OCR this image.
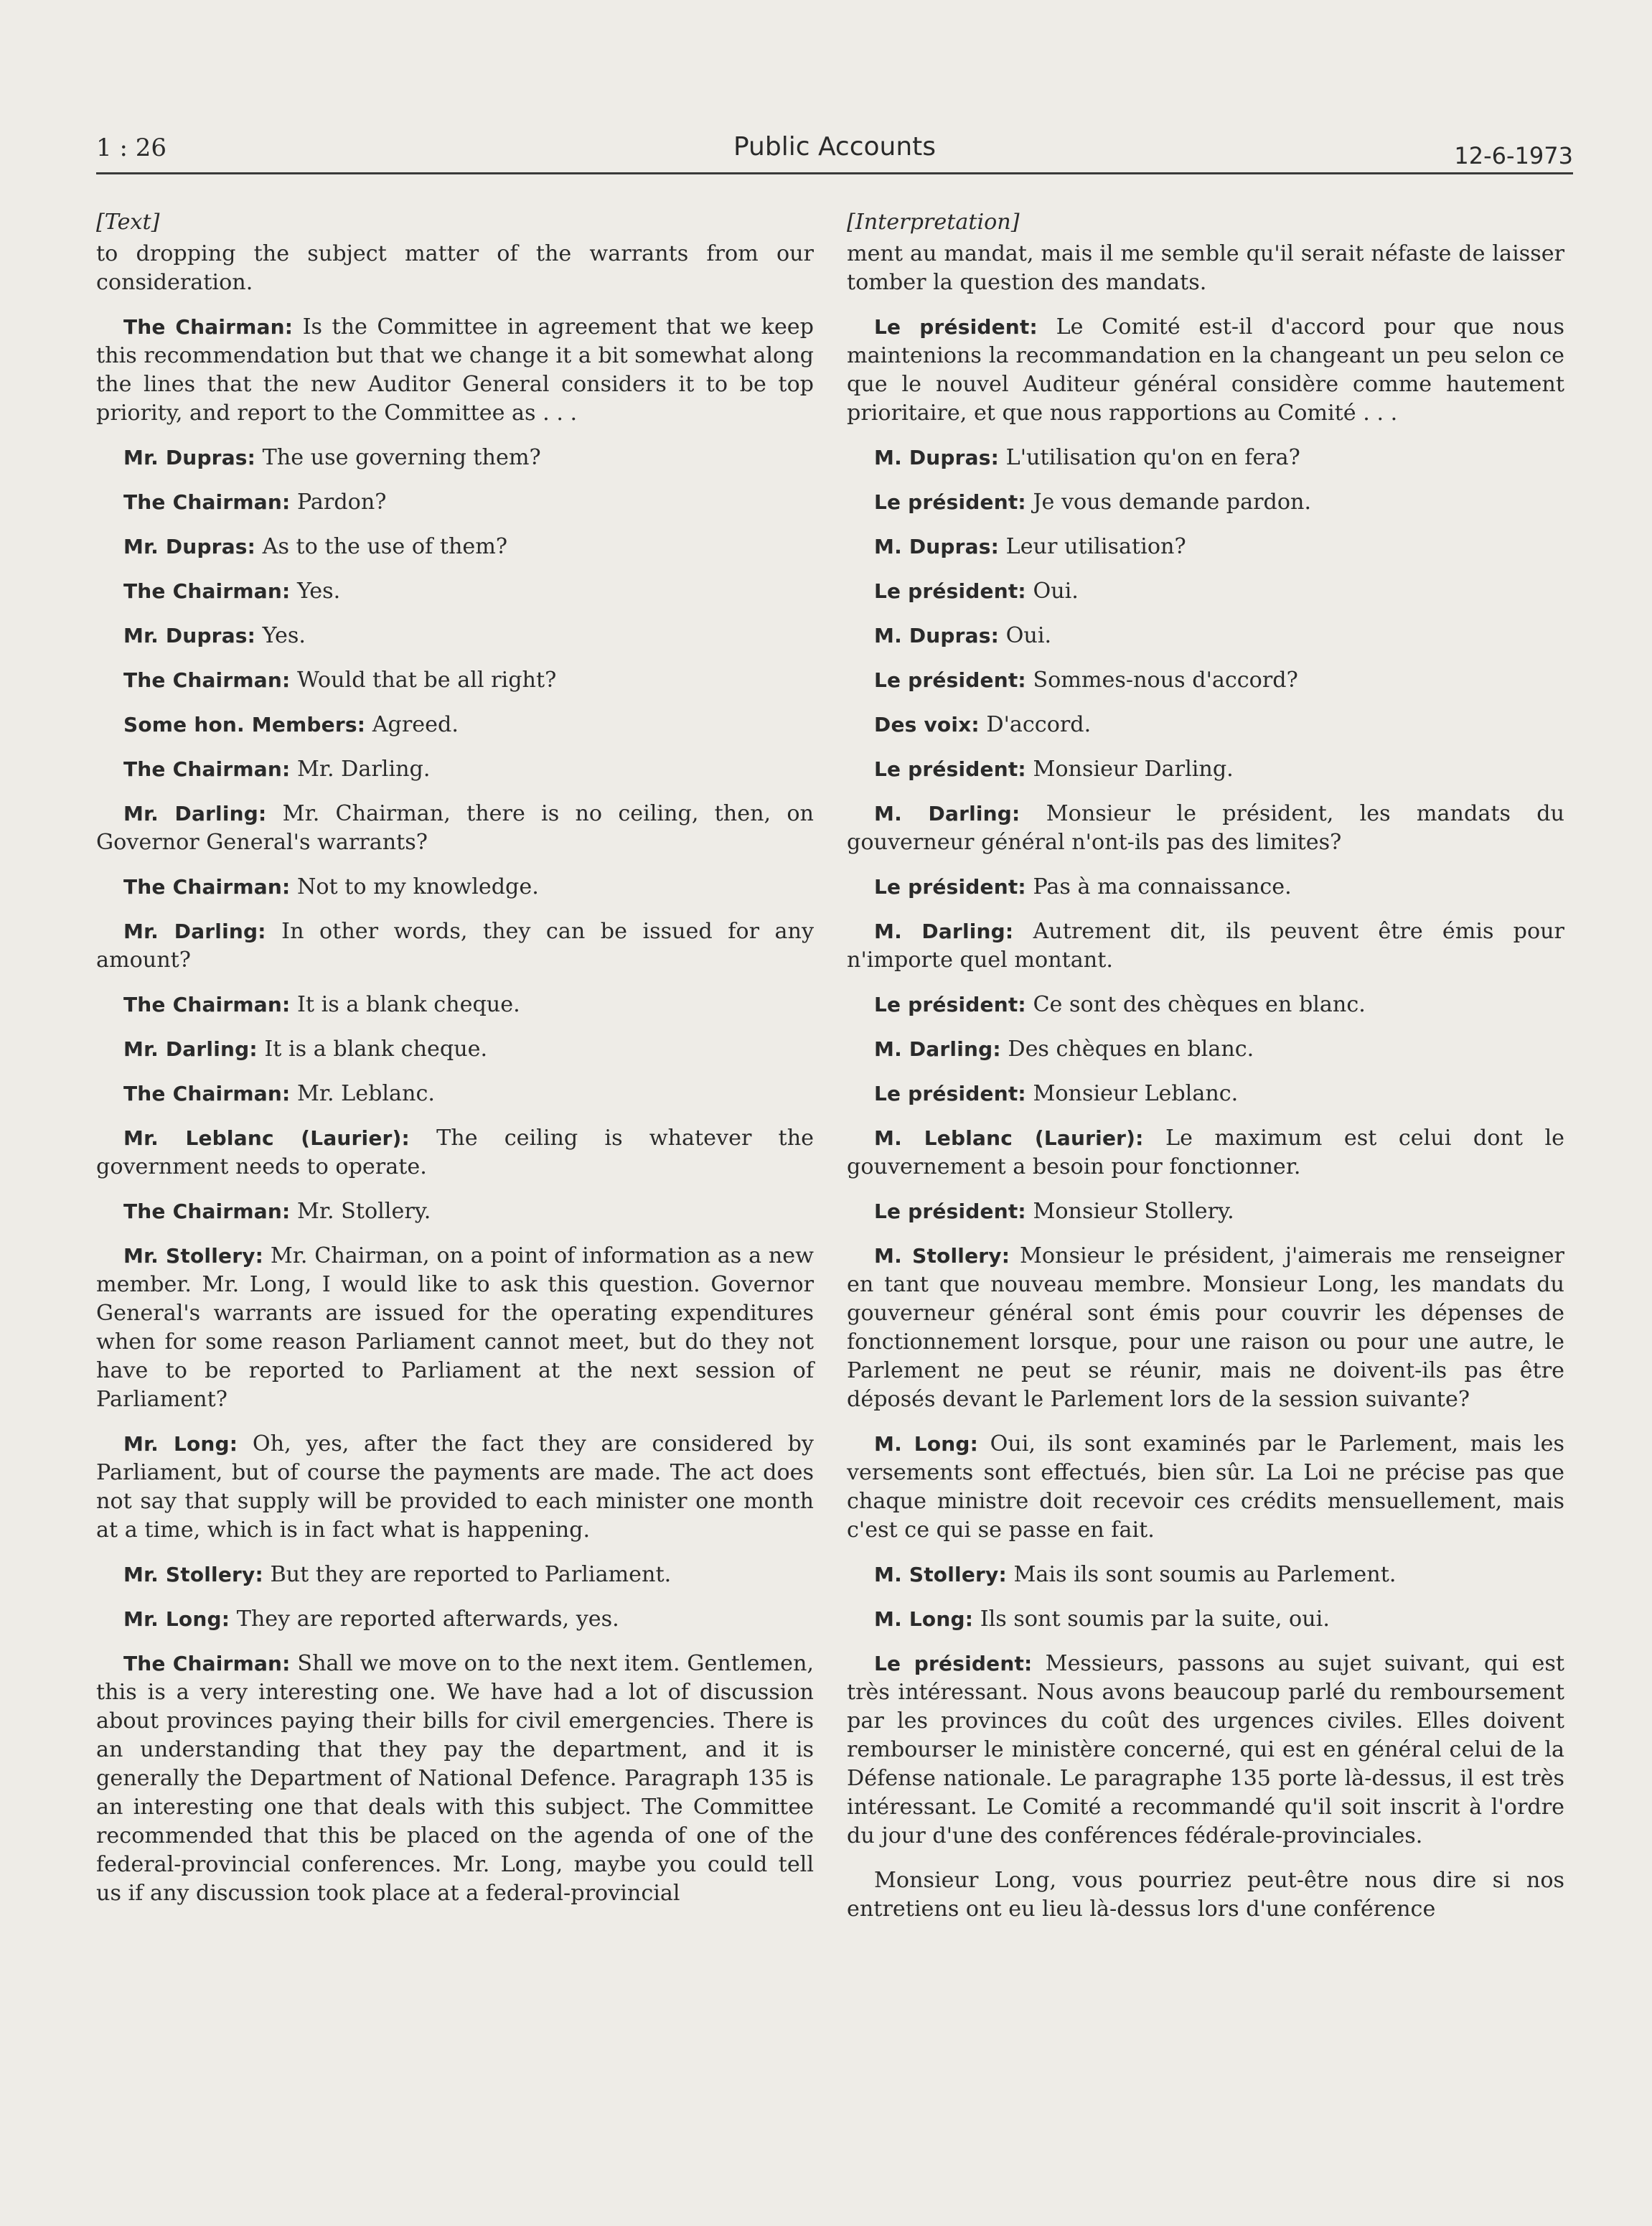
1 : 26	Public Accounts	12-6-1973
[Text]

to dropping the subject matter of the warrants from our consideration.

The Chairman: Is the Committee in agreement that we keep this recommendation but that we change it a bit somewhat along the lines that the new Auditor General considers it to be top priority, and report to the Committee as . . .

Mr. Dupras: The use governing them?

The Chairman: Pardon?

Mr. Dupras: As to the use of them?

The Chairman: Yes.

Mr. Dupras: Yes.

The Chairman: Would that be all right?

Some hon. Members: Agreed.

The Chairman: Mr. Darling.

Mr. Darling: Mr. Chairman, there is no ceiling, then, on Governor General's warrants?

The Chairman: Not to my knowledge.

Mr. Darling: In other words, they can be issued for any amount?

The Chairman: It is a blank cheque.

Mr. Darling: It is a blank cheque.

The Chairman: Mr. Leblanc.

Mr. Leblanc (Laurier): The ceiling is whatever the government needs to operate.

The Chairman: Mr. Stollery.

Mr. Stollery: Mr. Chairman, on a point of information as a new member. Mr. Long, I would like to ask this question. Governor General's warrants are issued for the operating expenditures when for some reason Parliament cannot meet, but do they not have to be reported to Parliament at the next session of Parliament?

Mr. Long: Oh, yes, after the fact they are considered by Parliament, but of course the payments are made. The act does not say that supply will be provided to each minister one month at a time, which is in fact what is happening.

Mr. Stollery: But they are reported to Parliament.

Mr. Long: They are reported afterwards, yes.

The Chairman: Shall we move on to the next item. Gentlemen, this is a very interesting one. We have had a lot of discussion about provinces paying their bills for civil emergencies. There is an understanding that they pay the department, and it is generally the Department of National Defence. Paragraph 135 is an interesting one that deals with this subject. The Committee recommended that this be placed on the agenda of one of the federal-provincial conferences. Mr. Long, maybe you could tell us if any discussion took place at a federal-provincial

[Interpretation]

ment au mandat, mais il me semble qu'il serait néfaste de laisser tomber la question des mandats.

Le président: Le Comité est-il d'accord pour que nous maintenions la recommandation en la changeant un peu selon ce que le nouvel Auditeur général considère comme hautement prioritaire, et que nous rapportions au Comité . . .

M. Dupras: L'utilisation qu'on en fera?

Le président: Je vous demande pardon.

M. Dupras: Leur utilisation?

Le président: Oui.

M. Dupras: Oui.

Le président: Sommes-nous d'accord?

Des voix: D'accord.

Le président: Monsieur Darling.

M. Darling: Monsieur le président, les mandats du gouverneur général n'ont-ils pas des limites?

Le président: Pas à ma connaissance.

M. Darling: Autrement dit, ils peuvent être émis pour n'importe quel montant.

Le président: Ce sont des chèques en blanc.

M. Darling: Des chèques en blanc.

Le président: Monsieur Leblanc.

M. Leblanc (Laurier): Le maximum est celui dont le gouvernement a besoin pour fonctionner.

Le président: Monsieur Stollery.

M. Stollery: Monsieur le président, j'aimerais me renseigner en tant que nouveau membre. Monsieur Long, les mandats du gouverneur général sont émis pour couvrir les dépenses de fonctionnement lorsque, pour une raison ou pour une autre, le Parlement ne peut se réunir, mais ne doivent-ils pas être déposés devant le Parlement lors de la session suivante?

M. Long: Oui, ils sont examinés par le Parlement, mais les versements sont effectués, bien sûr. La Loi ne précise pas que chaque ministre doit recevoir ces crédits mensuellement, mais c'est ce qui se passe en fait.

M. Stollery: Mais ils sont soumis au Parlement.

M. Long: Ils sont soumis par la suite, oui.

Le président: Messieurs, passons au sujet suivant, qui est très intéressant. Nous avons beaucoup parlé du remboursement par les provinces du coût des urgences civiles. Elles doivent rembourser le ministère concerné, qui est en général celui de la Défense nationale. Le paragraphe 135 porte là-dessus, il est très intéressant. Le Comité a recommandé qu'il soit inscrit à l'ordre du jour d'une des conférences fédérale-provinciales.

Monsieur Long, vous pourriez peut-être nous dire si nos entretiens ont eu lieu là-dessus lors d'une conférence
